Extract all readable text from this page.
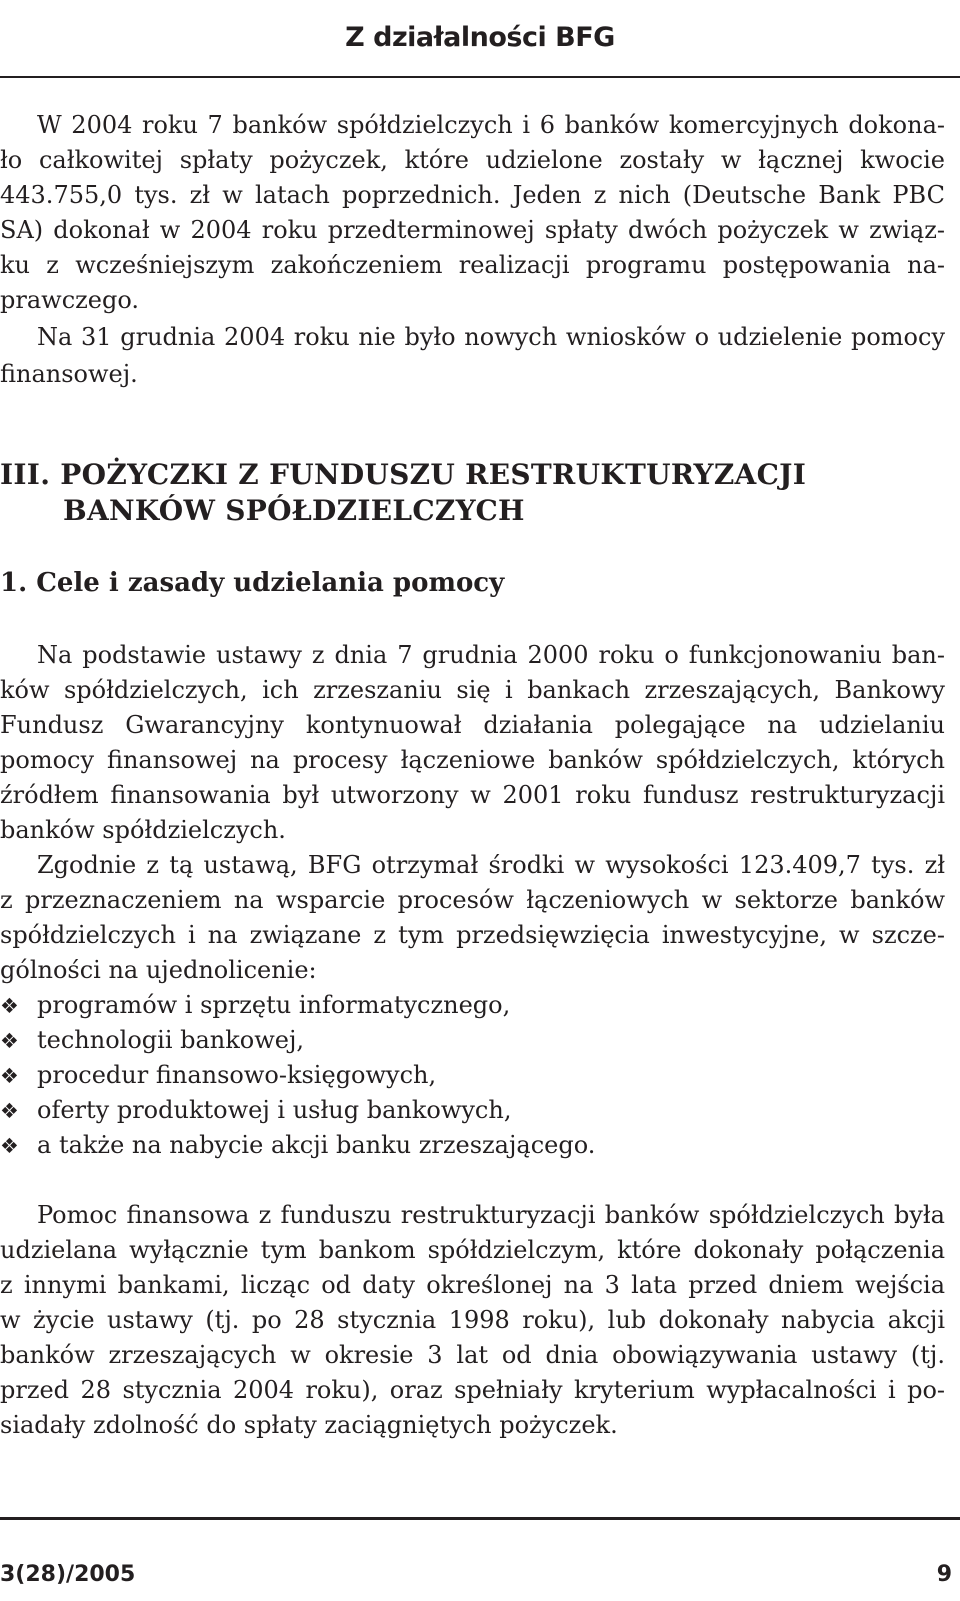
Z działalności BFG
W 2004 roku 7 banków spółdzielczych i 6 banków komercyjnych dokona-
ło całkowitej spłaty pożyczek, które udzielone zostały w łącznej kwocie
443.755,0 tys. zł w latach poprzednich. Jeden z nich (Deutsche Bank PBC
SA) dokonał w 2004 roku przedterminowej spłaty dwóch pożyczek w związ-
ku z wcześniejszym zakończeniem realizacji programu postępowania na-
prawczego.
Na 31 grudnia 2004 roku nie było nowych wniosków o udzielenie pomocy
finansowej.
III. POŻYCZKI Z FUNDUSZU RESTRUKTURYZACJI
BANKÓW SPÓŁDZIELCZYCH
1. Cele i zasady udzielania pomocy
Na podstawie ustawy z dnia 7 grudnia 2000 roku o funkcjonowaniu ban-
ków spółdzielczych, ich zrzeszaniu się i bankach zrzeszających, Bankowy
Fundusz Gwarancyjny kontynuował działania polegające na udzielaniu
pomocy finansowej na procesy łączeniowe banków spółdzielczych, których
źródłem finansowania był utworzony w 2001 roku fundusz restrukturyzacji
banków spółdzielczych.
Zgodnie z tą ustawą, BFG otrzymał środki w wysokości 123.409,7 tys. zł
z przeznaczeniem na wsparcie procesów łączeniowych w sektorze banków
spółdzielczych i na związane z tym przedsięwzięcia inwestycyjne, w szcze-
gólności na ujednolicenie:
❖ programów i sprzętu informatycznego,
❖ technologii bankowej,
❖ procedur finansowo-księgowych,
❖ oferty produktowej i usług bankowych,
❖ a także na nabycie akcji banku zrzeszającego.
Pomoc finansowa z funduszu restrukturyzacji banków spółdzielczych była
udzielana wyłącznie tym bankom spółdzielczym, które dokonały połączenia
z innymi bankami, licząc od daty określonej na 3 lata przed dniem wejścia
w życie ustawy (tj. po 28 stycznia 1998 roku), lub dokonały nabycia akcji
banków zrzeszających w okresie 3 lat od dnia obowiązywania ustawy (tj.
przed 28 stycznia 2004 roku), oraz spełniały kryterium wypłacalności i po-
siadały zdolność do spłaty zaciągniętych pożyczek.
3(28)/2005	9
